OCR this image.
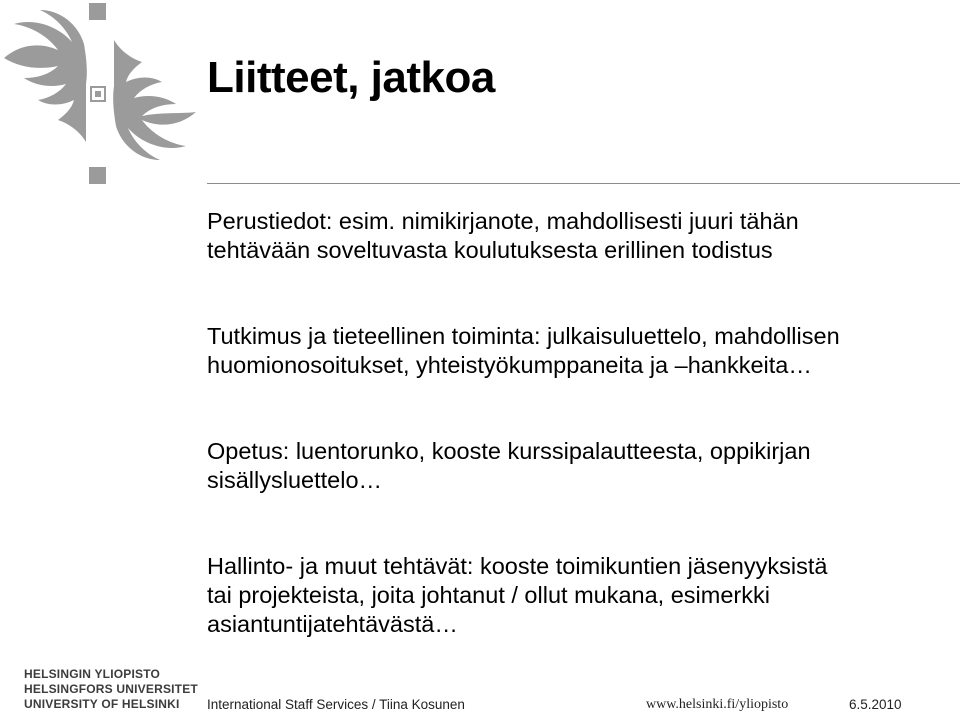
Liitteet, jatkoa

Perustiedot: esim. nimikirjanote, mahdollisesti juuri tähän
tehtävään soveltuvasta koulutuksesta erillinen todistus

Tutkimus ja tieteellinen toiminta: julkaisuluettelo, mahdollisen
huomionosoitukset, yhteistyökumppaneita ja –hankkeita…

Opetus: luentorunko, kooste kurssipalautteesta, oppikirjan
sisällysluettelo…

Hallinto- ja muut tehtävät: kooste toimikuntien jäsenyyksistä
tai projekteista, joita johtanut / ollut mukana, esimerkki
asiantuntijatehtävästä…

HELSINGIN YLIOPISTO
HELSINGFORS UNIVERSITET
UNIVERSITY OF HELSINKI	International Staff Services / Tiina Kosunen	www.helsinki.fi/yliopisto	6.5.2010
